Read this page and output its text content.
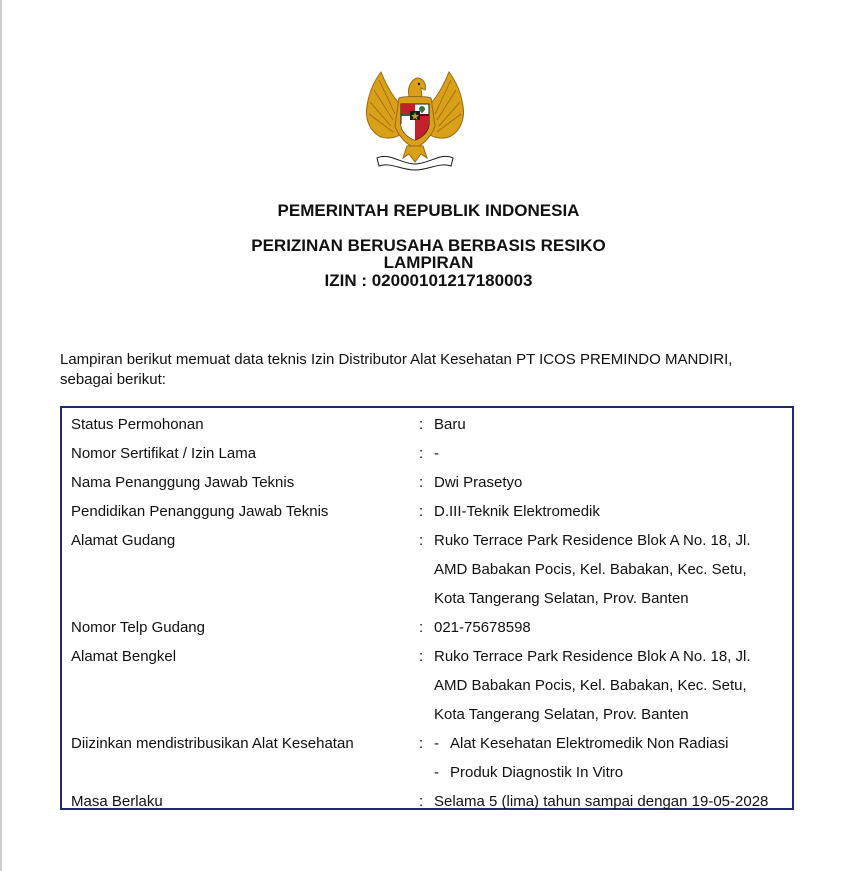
PEMERINTAH REPUBLIK INDONESIA
PERIZINAN BERUSAHA BERBASIS RESIKO
LAMPIRAN
IZIN : 02000101217180003
Lampiran berikut memuat data teknis Izin Distributor Alat Kesehatan PT ICOS PREMINDO MANDIRI,
sebagai berikut:
Status Permohonan	: Baru
Nomor Sertifikat / Izin Lama	: -
Nama Penanggung Jawab Teknis	: Dwi Prasetyo
Pendidikan Penanggung Jawab Teknis	: D.III-Teknik Elektromedik
Alamat Gudang	: Ruko Terrace Park Residence Blok A No. 18, Jl.
AMD Babakan Pocis, Kel. Babakan, Kec. Setu,
Kota Tangerang Selatan, Prov. Banten
Nomor Telp Gudang	: 021-75678598
Alamat Bengkel	: Ruko Terrace Park Residence Blok A No. 18, Jl.
AMD Babakan Pocis, Kel. Babakan, Kec. Setu,
Kota Tangerang Selatan, Prov. Banten
Diizinkan mendistribusikan Alat Kesehatan	: - Alat Kesehatan Elektromedik Non Radiasi
- Produk Diagnostik In Vitro
Masa Berlaku	: Selama 5 (lima) tahun sampai dengan 19-05-2028
